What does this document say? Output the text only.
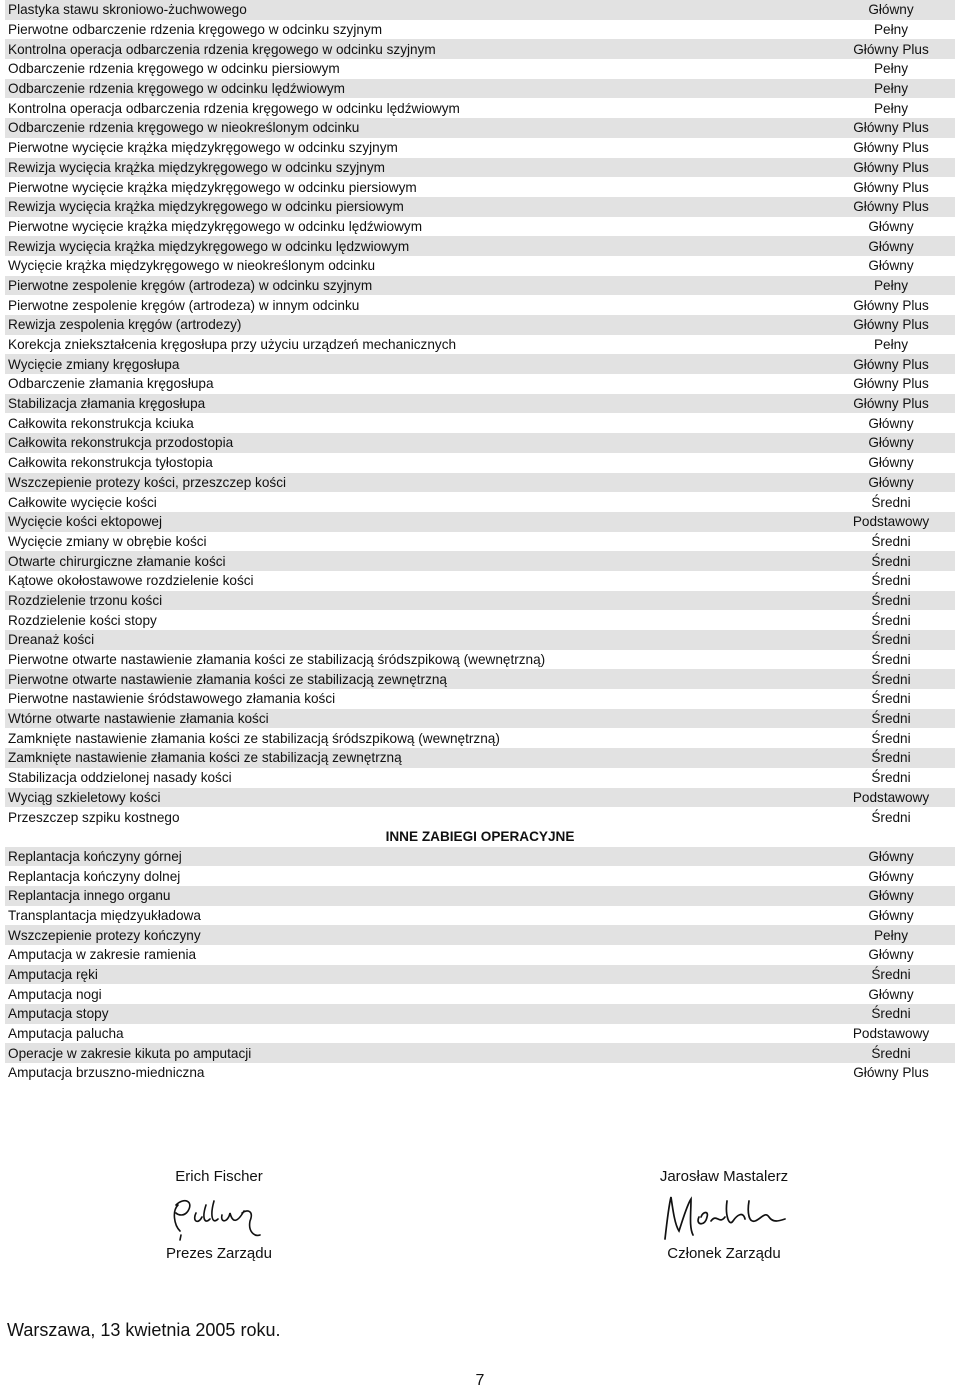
Plastyka stawu skroniowo-żuchwowego	Główny
Pierwotne odbarczenie rdzenia kręgowego w odcinku szyjnym	Pełny
Kontrolna operacja odbarczenia rdzenia kręgowego w odcinku szyjnym	Główny Plus
Odbarczenie rdzenia kręgowego w odcinku piersiowym	Pełny
Odbarczenie rdzenia kręgowego w odcinku lędźwiowym	Pełny
Kontrolna operacja odbarczenia rdzenia kręgowego w odcinku lędźwiowym	Pełny
Odbarczenie rdzenia kręgowego w nieokreślonym odcinku	Główny Plus
Pierwotne wycięcie krążka międzykręgowego w odcinku szyjnym	Główny Plus
Rewizja wycięcia krążka międzykręgowego w odcinku szyjnym	Główny Plus
Pierwotne wycięcie krążka międzykręgowego w odcinku piersiowym	Główny Plus
Rewizja wycięcia krążka międzykręgowego w odcinku piersiowym	Główny Plus
Pierwotne wycięcie krążka międzykręgowego w odcinku lędźwiowym	Główny
Rewizja wycięcia krążka międzykręgowego w odcinku lędzwiowym	Główny
Wycięcie krążka międzykręgowego w nieokreślonym odcinku	Główny
Pierwotne zespolenie kręgów (artrodeza) w odcinku szyjnym	Pełny
Pierwotne zespolenie kręgów (artrodeza) w innym odcinku	Główny Plus
Rewizja zespolenia kręgów (artrodezy)	Główny Plus
Korekcja zniekształcenia kręgosłupa przy użyciu urządzeń mechanicznych	Pełny
Wycięcie zmiany kręgosłupa	Główny Plus
Odbarczenie złamania kręgosłupa	Główny Plus
Stabilizacja złamania kręgosłupa	Główny Plus
Całkowita rekonstrukcja kciuka	Główny
Całkowita rekonstrukcja przodostopia	Główny
Całkowita rekonstrukcja tyłostopia	Główny
Wszczepienie protezy kości, przeszczep kości	Główny
Całkowite wycięcie kości	Średni
Wycięcie kości ektopowej	Podstawowy
Wycięcie zmiany w obrębie kości	Średni
Otwarte chirurgiczne złamanie kości	Średni
Kątowe okołostawowe rozdzielenie kości	Średni
Rozdzielenie trzonu kości	Średni
Rozdzielenie kości stopy	Średni
Dreanaż kości	Średni
Pierwotne otwarte nastawienie złamania kości ze stabilizacją śródszpikową (wewnętrzną)	Średni
Pierwotne otwarte nastawienie złamania kości ze stabilizacją zewnętrzną	Średni
Pierwotne nastawienie śródstawowego złamania kości	Średni
Wtórne otwarte nastawienie złamania kości	Średni
Zamknięte nastawienie złamania kości ze stabilizacją śródszpikową (wewnętrzną)	Średni
Zamknięte nastawienie złamania kości ze stabilizacją zewnętrzną	Średni
Stabilizacja oddzielonej nasady kości	Średni
Wyciąg szkieletowy kości	Podstawowy
Przeszczep szpiku kostnego	Średni
INNE ZABIEGI OPERACYJNE
Replantacja kończyny górnej	Główny
Replantacja kończyny dolnej	Główny
Replantacja innego organu	Główny
Transplantacja międzyukładowa	Główny
Wszczepienie protezy kończyny	Pełny
Amputacja w zakresie ramienia	Główny
Amputacja ręki	Średni
Amputacja nogi	Główny
Amputacja stopy	Średni
Amputacja palucha	Podstawowy
Operacje w zakresie kikuta po amputacji	Średni
Amputacja brzuszno-miedniczna	Główny Plus
Erich Fischer
Prezes Zarządu
Jarosław Mastalerz
Członek Zarządu
Warszawa, 13 kwietnia 2005 roku.
7
